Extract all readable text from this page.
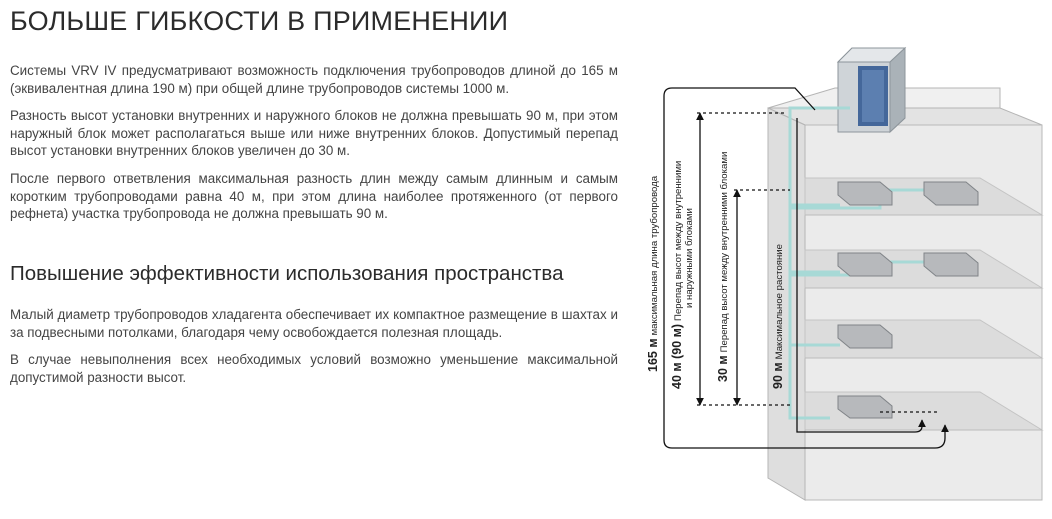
БОЛЬШЕ ГИБКОСТИ В ПРИМЕНЕНИИ

Системы VRV IV предусматривают возможность подключения трубопроводов длиной до 165 м (эквивалентная длина 190 м) при общей длине трубопроводов системы 1000 м.

Разность высот установки внутренних и наружного блоков не должна превышать 90 м, при этом наружный блок может располагаться выше или ниже внутренних блоков. Допустимый перепад высот установки внутренних блоков увеличен до 30 м.

После первого ответвления максимальная разность длин между самым длинным и самым коротким трубопроводами равна 40 м, при этом длина наиболее протяженного (от первого рефнета) участка трубопровода не должна превышать 90 м.

Повышение эффективности использования пространства

Малый диаметр трубопроводов хладагента обеспечивает их компактное размещение в шахтах и за подвесными потолками, благодаря чему освобождается полезная площадь.

В случае невыполнения всех необходимых условий возможно уменьшение максимальной допустимой разности высот.

165 ммаксимальная длина трубопровода
40 м (90 м)Перепад высот между внутренними и наружными блоками
30 мПерепад высот между внутренними блоками
90 мМаксимальное растояние
